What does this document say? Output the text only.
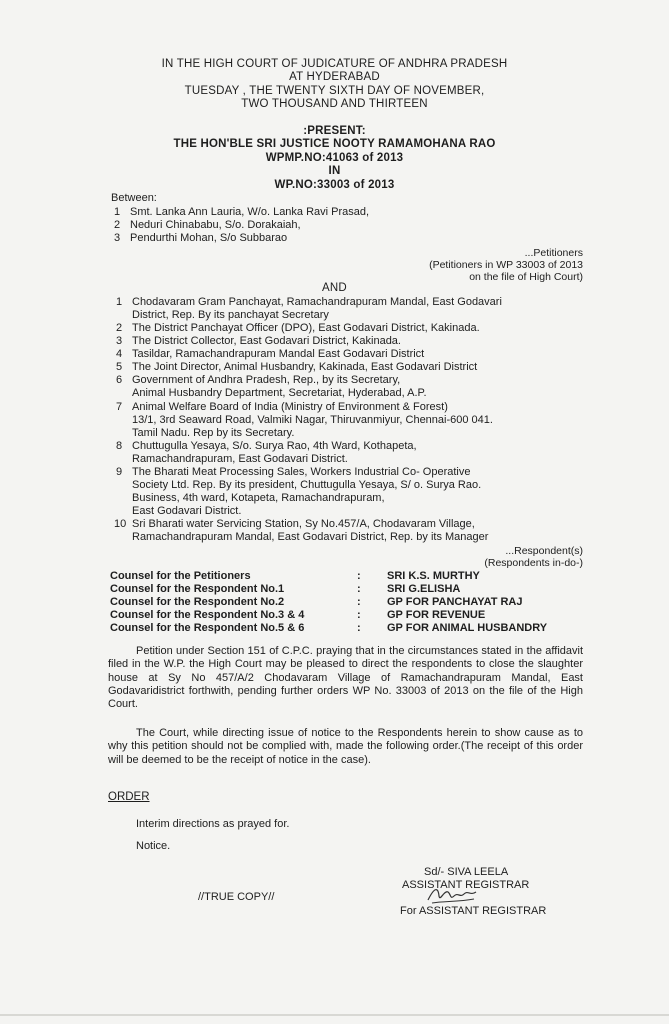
IN THE HIGH COURT OF JUDICATURE OF ANDHRA PRADESH
AT HYDERABAD
TUESDAY , THE TWENTY SIXTH DAY OF NOVEMBER,
TWO THOUSAND AND THIRTEEN
:PRESENT:
THE HON'BLE SRI JUSTICE NOOTY RAMAMOHANA RAO
WPMP.NO:41063 of 2013
IN
WP.NO:33003 of 2013
Between:
1 Smt. Lanka Ann Lauria, W/o. Lanka Ravi Prasad,
2 Neduri Chinababu, S/o. Dorakaiah,
3 Pendurthi Mohan, S/o Subbarao
...Petitioners
(Petitioners in WP 33003 of 2013
on the file of High Court)
AND
1 Chodavaram Gram Panchayat, Ramachandrapuram Mandal, East Godavari
District, Rep. By its panchayat Secretary
2 The District Panchayat Officer (DPO), East Godavari District, Kakinada.
3 The District Collector, East Godavari District, Kakinada.
4 Tasildar, Ramachandrapuram Mandal East Godavari District
5 The Joint Director, Animal Husbandry, Kakinada, East Godavari District
6 Government of Andhra Pradesh, Rep., by its Secretary,
Animal Husbandry Department, Secretariat, Hyderabad, A.P.
7 Animal Welfare Board of India (Ministry of Environment & Forest)
13/1, 3rd Seaward Road, Valmiki Nagar, Thiruvanmiyur, Chennai-600 041.
Tamil Nadu. Rep by its Secretary.
8 Chuttugulla Yesaya, S/o. Surya Rao, 4th Ward, Kothapeta,
Ramachandrapuram, East Godavari District.
9 The Bharati Meat Processing Sales, Workers Industrial Co- Operative
Society Ltd. Rep. By its president, Chuttugulla Yesaya, S/ o. Surya Rao.
Business, 4th ward, Kotapeta, Ramachandrapuram,
East Godavari District.
10 Sri Bharati water Servicing Station, Sy No.457/A, Chodavaram Village,
Ramachandrapuram Mandal, East Godavari District, Rep. by its Manager
...Respondent(s)
(Respondents in-do-)
Counsel for the Petitioners	: SRI K.S. MURTHY
Counsel for the Respondent No.1	: SRI G.ELISHA
Counsel for the Respondent No.2	: GP FOR PANCHAYAT RAJ
Counsel for the Respondent No.3 & 4	: GP FOR REVENUE
Counsel for the Respondent No.5 & 6	: GP FOR ANIMAL HUSBANDRY
Petition under Section 151 of C.P.C. praying that in the circumstances stated in the affidavit filed in the W.P. the High Court may be pleased to direct the respondents to close the slaughter house at Sy No 457/A/2 Chodavaram Village of Ramachandrapuram Mandal, East Godavaridistrict forthwith, pending further orders WP No. 33003 of 2013 on the file of the High Court.
The Court, while directing issue of notice to the Respondents herein to show cause as to why this petition should not be complied with, made the following order.(The receipt of this order will be deemed to be the receipt of notice in the case).
ORDER
Interim directions as prayed for.
Notice.
Sd/- SIVA LEELA
ASSISTANT REGISTRAR
For ASSISTANT REGISTRAR
//TRUE COPY//
